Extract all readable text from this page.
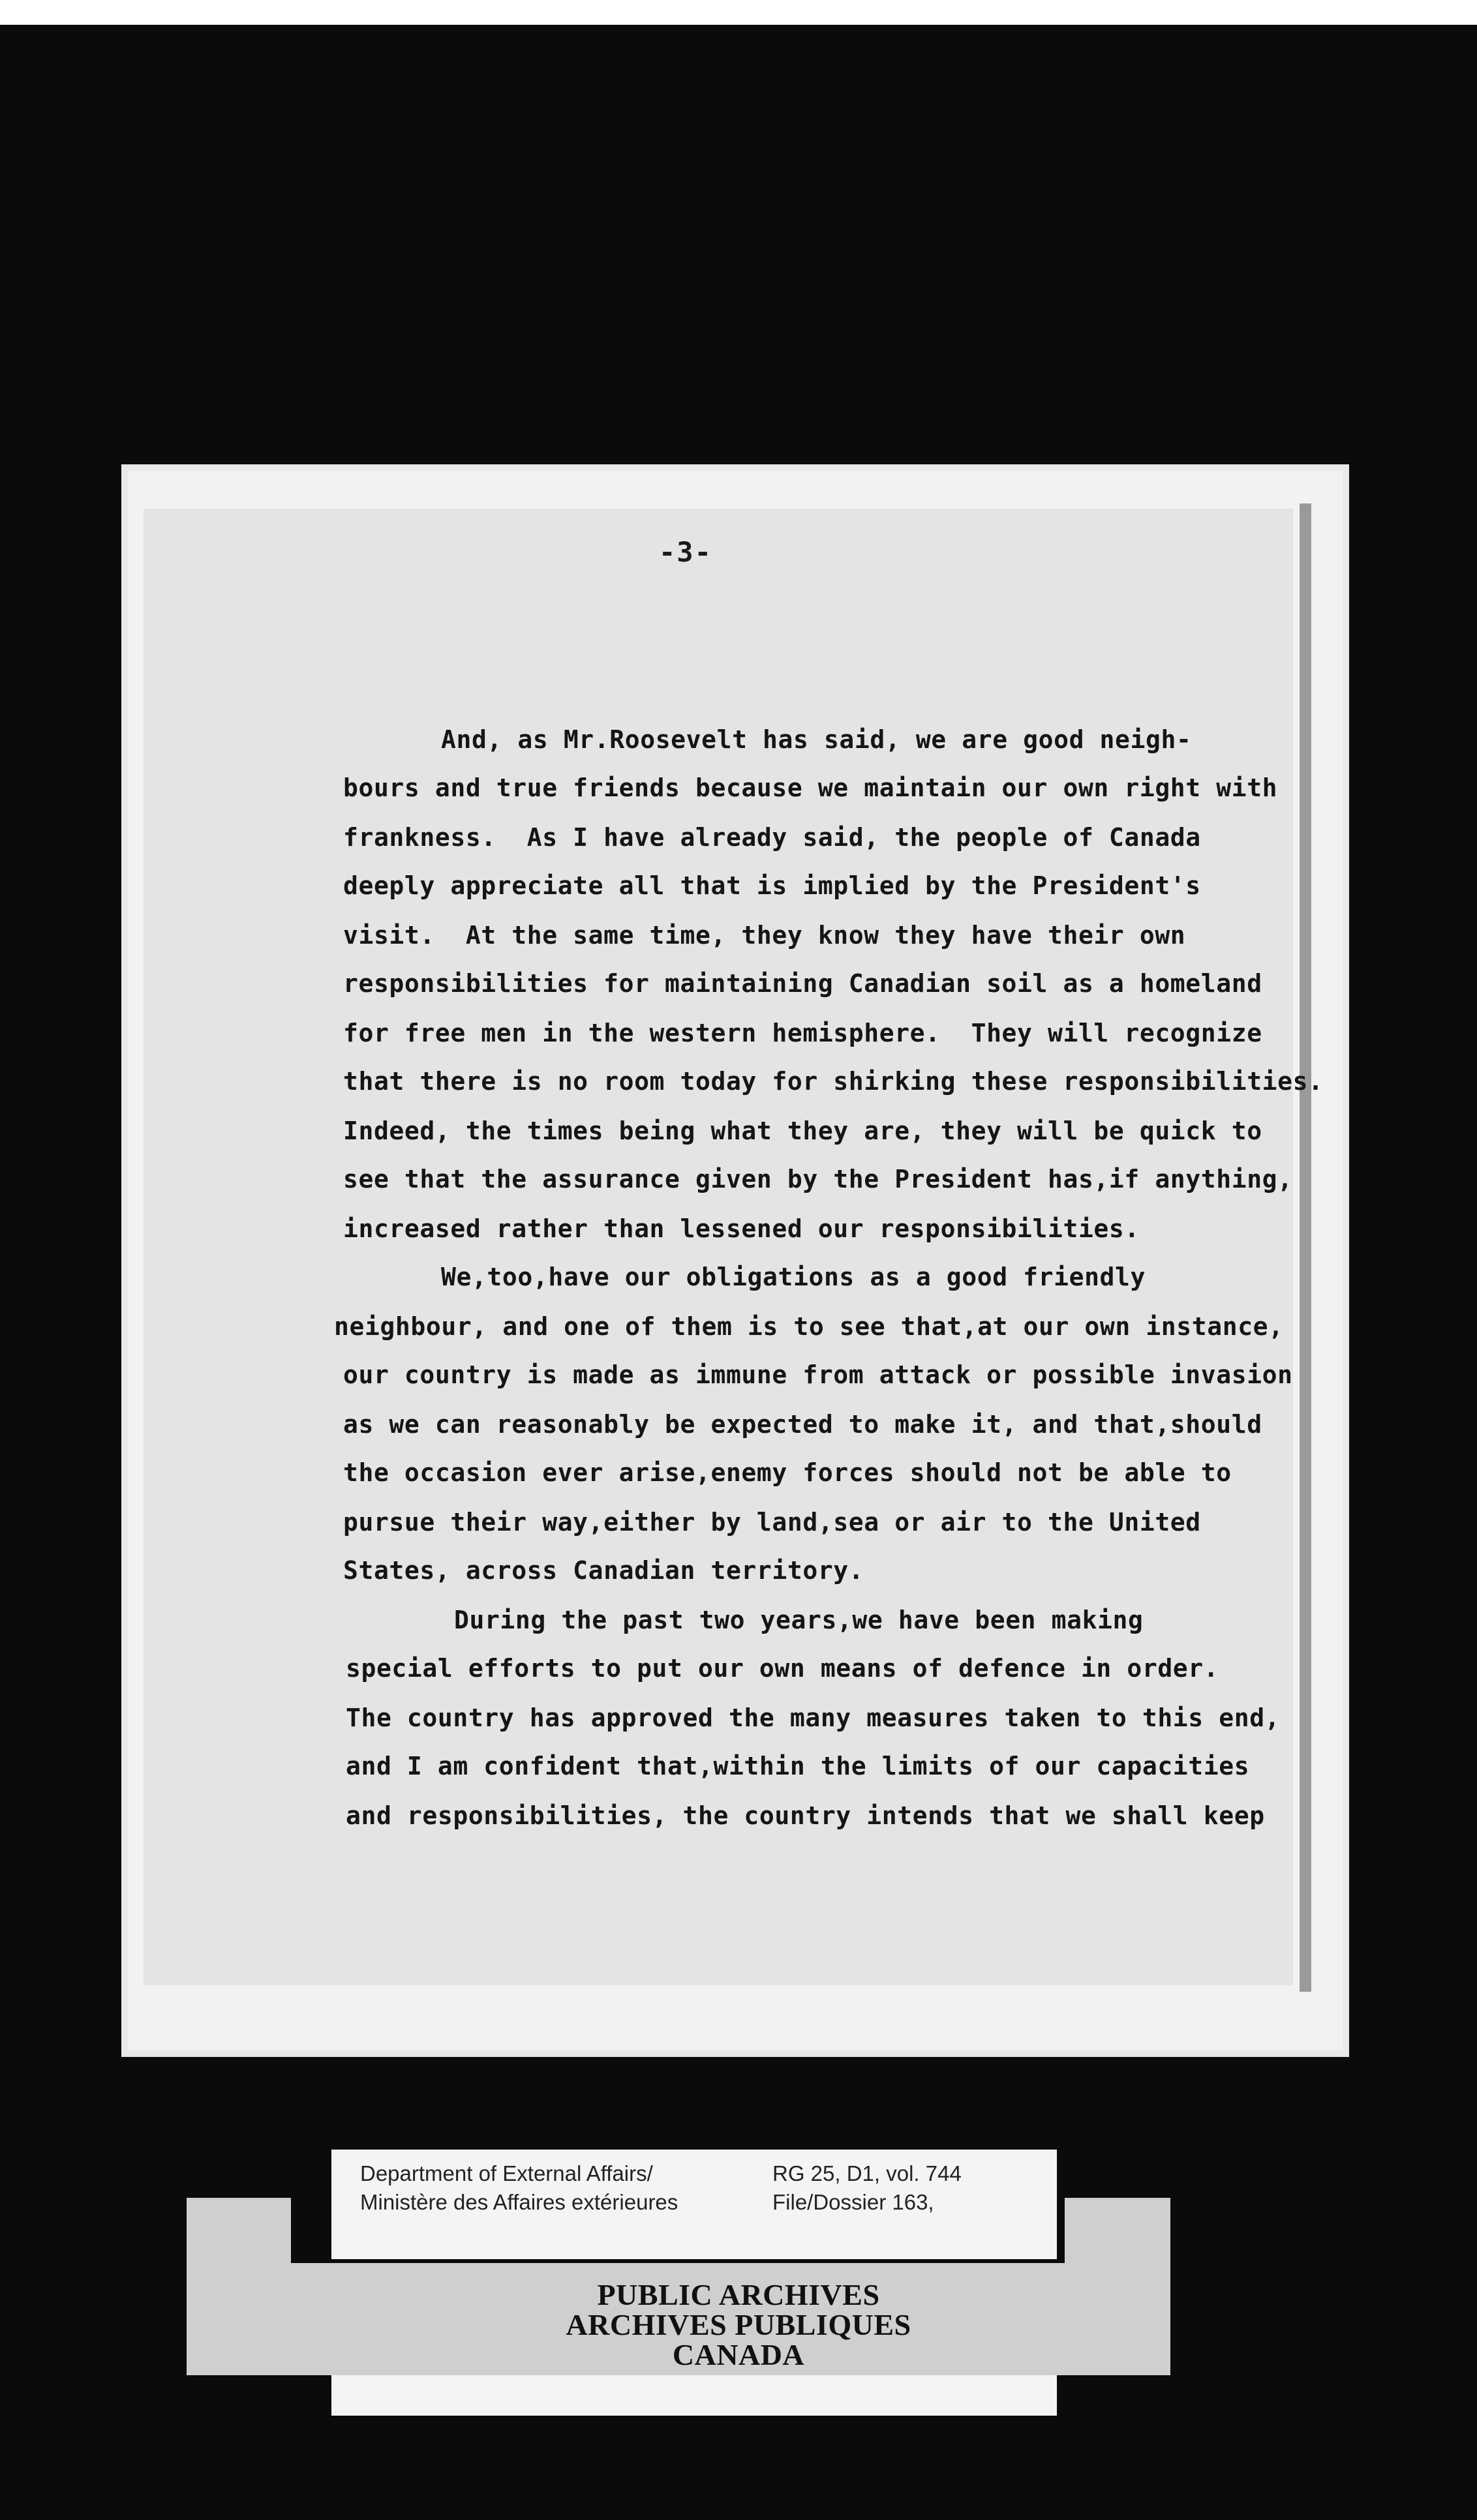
-3-
And, as Mr.Roosevelt has said, we are good neigh-
bours and true friends because we maintain our own right with
frankness.  As I have already said, the people of Canada
deeply appreciate all that is implied by the President's
visit.  At the same time, they know they have their own
responsibilities for maintaining Canadian soil as a homeland
for free men in the western hemisphere.  They will recognize
that there is no room today for shirking these responsibilities.
Indeed, the times being what they are, they will be quick to
see that the assurance given by the President has,if anything,
increased rather than lessened our responsibilities.
We,too,have our obligations as a good friendly
neighbour, and one of them is to see that,at our own instance,
our country is made as immune from attack or possible invasion
as we can reasonably be expected to make it, and that,should
the occasion ever arise,enemy forces should not be able to
pursue their way,either by land,sea or air to the United
States, across Canadian territory.
During the past two years,we have been making
special efforts to put our own means of defence in order.
The country has approved the many measures taken to this end,
and I am confident that,within the limits of our capacities
and responsibilities, the country intends that we shall keep
Department of External Affairs/
Ministère des Affaires extérieures
RG 25, D1, vol. 744
File/Dossier 163,
PUBLIC ARCHIVES
ARCHIVES PUBLIQUES
CANADA
